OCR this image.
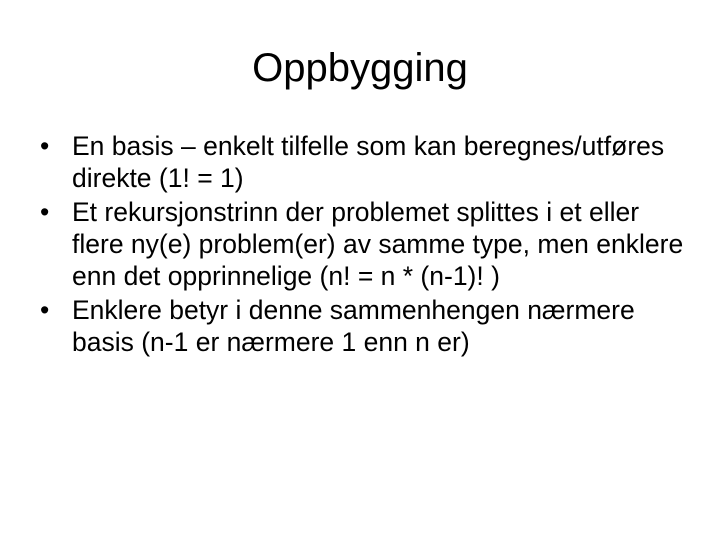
Oppbygging
• En basis – enkelt tilfelle som kan beregnes/utføres direkte (1! = 1)
• Et rekursjonstrinn der problemet splittes i et eller flere ny(e) problem(er) av samme type, men enklere enn det opprinnelige (n! = n * (n-1)! )
• Enklere betyr i denne sammenhengen nærmere basis (n-1 er nærmere 1 enn n er)
